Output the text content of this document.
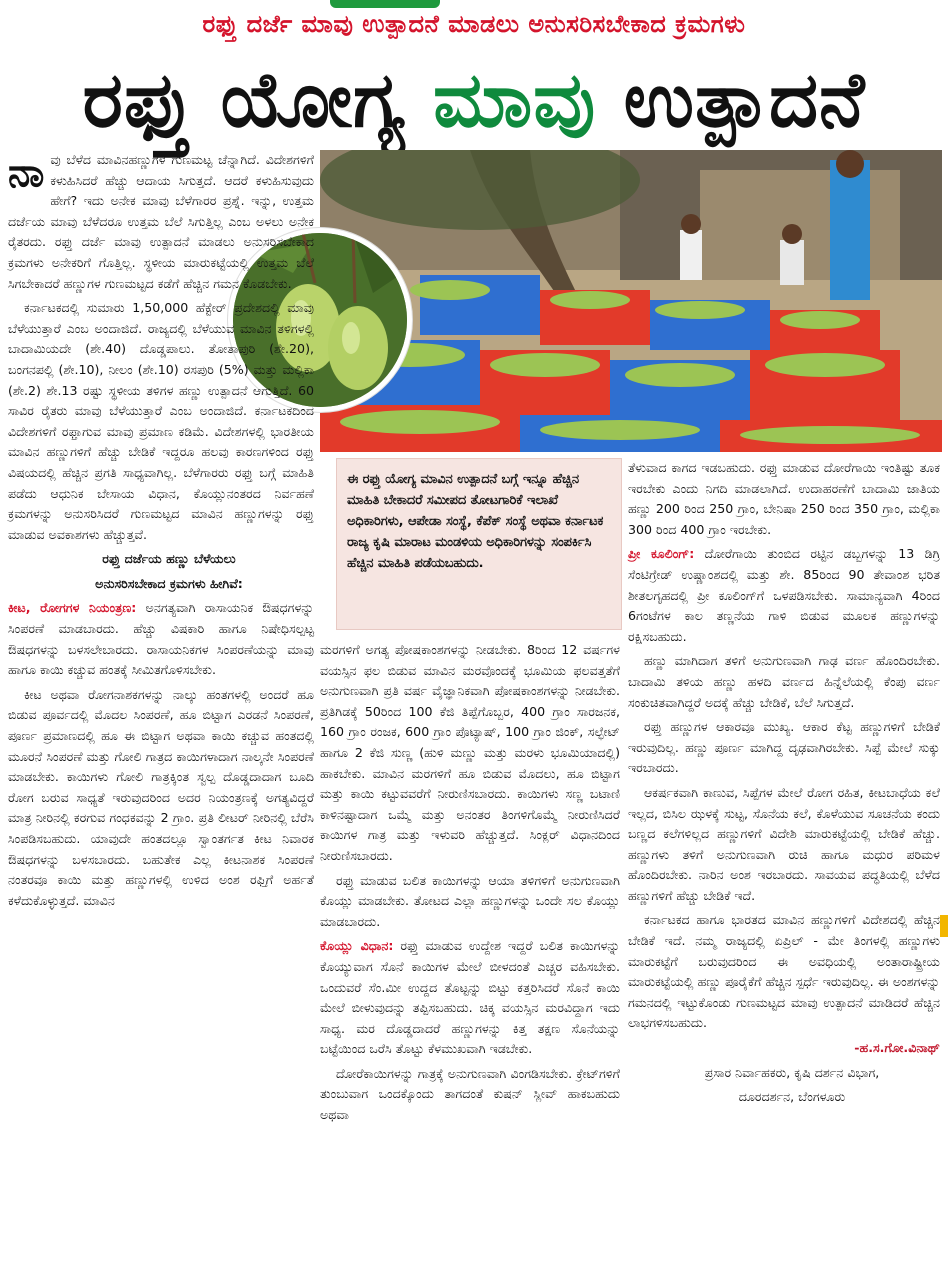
ರಫ್ತು ದರ್ಜೆ ಮಾವು ಉತ್ಪಾದನೆ ಮಾಡಲು ಅನುಸರಿಸಬೇಕಾದ ಕ್ರಮಗಳು
ರಫ್ತು ಯೋಗ್ಯ ಮಾವು ಉತ್ಪಾದನೆ

ನಾ ವು ಬೆಳೆದ ಮಾವಿನಹಣ್ಣುಗಳ ಗುಣಮಟ್ಟ ಚೆನ್ನಾಗಿದೆ. ವಿದೇಶಗಳಿಗೆ ಕಳುಹಿಸಿದರೆ ಹೆಚ್ಚು ಆದಾಯ ಸಿಗುತ್ತದೆ. ಆದರೆ ಕಳುಹಿಸುವುದು ಹೇಗೆ? ಇದು ಅನೇಕ ಮಾವು ಬೆಳೆಗಾರರ ಪ್ರಶ್ನೆ. ಇನ್ನು, ಉತ್ತಮ ದರ್ಜೆಯ ಮಾವು ಬೆಳೆದರೂ ಉತ್ತಮ ಬೆಲೆ ಸಿಗುತ್ತಿಲ್ಲ ಎಂಬ ಅಳಲು ಅನೇಕ ರೈತರದು. ರಫ್ತು ದರ್ಜೆ ಮಾವು ಉತ್ಪಾದನೆ ಮಾಡಲು ಅನುಸರಿಸಬೇಕಾದ ಕ್ರಮಗಳು ಅನೇಕರಿಗೆ ಗೊತ್ತಿಲ್ಲ. ಸ್ಥಳೀಯ ಮಾರುಕಟ್ಟೆಯಲ್ಲಿ ಉತ್ತಮ ಬೆಲೆ ಸಿಗಬೇಕಾದರೆ ಹಣ್ಣುಗಳ ಗುಣಮಟ್ಟದ ಕಡೆಗೆ ಹೆಚ್ಚಿನ ಗಮನ ಕೊಡಬೇಕು.

ಕರ್ನಾಟಕದಲ್ಲಿ ಸುಮಾರು 1,50,000 ಹೆಕ್ಟೇರ್ ಪ್ರದೇಶದಲ್ಲಿ ಮಾವು ಬೆಳೆಯುತ್ತಾರೆ ಎಂಬ ಅಂದಾಜಿದೆ. ರಾಜ್ಯದಲ್ಲಿ ಬೆಳೆಯುವ ಮಾವಿನ ತಳಿಗಳಲ್ಲಿ ಬಾದಾಮಿಯದೇ (ಶೇ.40) ದೊಡ್ಡಪಾಲು. ತೋತಾಪುರಿ (ಶೇ.20), ಬಂಗನಪಲ್ಲಿ (ಶೇ.10), ನೀಲಂ (ಶೇ.10) ರಸಪುರಿ (5%) ಮತ್ತು ಮಲ್ಲಿಕಾ (ಶೇ.2) ಶೇ.13 ರಷ್ಟು ಸ್ಥಳೀಯ ತಳಿಗಳ ಹಣ್ಣು ಉತ್ಪಾದನೆ ಆಗುತ್ತಿದೆ. 60 ಸಾವಿರ ರೈತರು ಮಾವು ಬೆಳೆಯುತ್ತಾರೆ ಎಂಬ ಅಂದಾಜಿದೆ. ಕರ್ನಾಟಕದಿಂದ ವಿದೇಶಗಳಿಗೆ ರಫ್ತಾಗುವ ಮಾವು ಪ್ರಮಾಣ ಕಡಿಮೆ. ವಿದೇಶಗಳಲ್ಲಿ ಭಾರತೀಯ ಮಾವಿನ ಹಣ್ಣುಗಳಿಗೆ ಹೆಚ್ಚು ಬೇಡಿಕೆ ಇದ್ದರೂ ಹಲವು ಕಾರಣಗಳಿಂದ ರಫ್ತು ವಿಷಯದಲ್ಲಿ ಹೆಚ್ಚಿನ ಪ್ರಗತಿ ಸಾಧ್ಯವಾಗಿಲ್ಲ. ಬೆಳೆಗಾರರು ರಫ್ತು ಬಗ್ಗೆ ಮಾಹಿತಿ ಪಡೆದು ಆಧುನಿಕ ಬೇಸಾಯ ವಿಧಾನ, ಕೊಯ್ಲುನಂತರದ ನಿರ್ವಹಣೆ ಕ್ರಮಗಳನ್ನು ಅನುಸರಿಸಿದರೆ ಗುಣಮಟ್ಟದ ಮಾವಿನ ಹಣ್ಣುಗಳನ್ನು ರಫ್ತು ಮಾಡುವ ಅವಕಾಶಗಳು ಹೆಚ್ಚುತ್ತವೆ.

ರಫ್ತು ದರ್ಜೆಯ ಹಣ್ಣು ಬೆಳೆಯಲು

ಅನುಸರಿಸಬೇಕಾದ ಕ್ರಮಗಳು ಹೀಗಿವೆ:

ಕೀಟ, ರೋಗಗಳ ನಿಯಂತ್ರಣ: ಅನಗತ್ಯವಾಗಿ ರಾಸಾಯನಿಕ ಔಷಧಗಳನ್ನು ಸಿಂಪರಣೆ ಮಾಡಬಾರದು. ಹೆಚ್ಚು ವಿಷಕಾರಿ ಹಾಗೂ ನಿಷೇಧಿಸಲ್ಪಟ್ಟ ಔಷಧಗಳನ್ನು ಬಳಸಲೇಬಾರದು. ರಾಸಾಯನಿಕಗಳ ಸಿಂಪರಣೆಯನ್ನು ಮಾವು ಹಾಗೂ ಕಾಯಿ ಕಚ್ಚುವ ಹಂತಕ್ಕೆ ಸೀಮಿತಗೊಳಿಸಬೇಕು.

ಕೀಟ ಅಥವಾ ರೋಗನಾಶಕಗಳನ್ನು ನಾಲ್ಕು ಹಂತಗಳಲ್ಲಿ ಅಂದರೆ ಹೂ ಬಿಡುವ ಪೂರ್ವದಲ್ಲಿ ಮೊದಲ ಸಿಂಪರಣೆ, ಹೂ ಬಿಟ್ಟಾಗ ಎರಡನೆ ಸಿಂಪರಣೆ, ಪೂರ್ಣ ಪ್ರಮಾಣದಲ್ಲಿ ಹೂ ಈ ಬಿಟ್ಟಾಗ ಅಥವಾ ಕಾಯಿ ಕಚ್ಚುವ ಹಂತದಲ್ಲಿ ಮೂರನೆ ಸಿಂಪರಣೆ ಮತ್ತು ಗೋಲಿ ಗಾತ್ರದ ಕಾಯಿಗಳಾದಾಗ ನಾಲ್ಕನೇ ಸಿಂಪರಣೆ ಮಾಡಬೇಕು. ಕಾಯಿಗಳು ಗೋಲಿ ಗಾತ್ರಕ್ಕಿಂತ ಸ್ವಲ್ಪ ದೊಡ್ಡದಾದಾಗ ಬೂದಿ ರೋಗ ಬರುವ ಸಾಧ್ಯತೆ ಇರುವುದರಿಂದ ಅದರ ನಿಯಂತ್ರಣಕ್ಕೆ ಅಗತ್ಯವಿದ್ದರೆ ಮಾತ್ರ ನೀರಿನಲ್ಲಿ ಕರಗುವ ಗಂಧಕವನ್ನು 2 ಗ್ರಾಂ. ಪ್ರತಿ ಲೀಟರ್ ನೀರಿನಲ್ಲಿ ಬೆರೆಸಿ ಸಿಂಪಡಿಸಬಹುದು. ಯಾವುದೇ ಹಂತದಲ್ಲೂ ಸ್ವಾಂತರ್ಗತ ಕೀಟ ನಿವಾರಕ ಔಷಧಗಳನ್ನು ಬಳಸಬಾರದು. ಬಹುತೇಕ ಎಲ್ಲ ಕೀಟನಾಶಕ ಸಿಂಪರಣೆ ನಂತರವೂ ಕಾಯಿ ಮತ್ತು ಹಣ್ಣುಗಳಲ್ಲಿ ಉಳಿದ ಅಂಶ ರಫ್ತಿಗೆ ಅರ್ಹತೆ ಕಳೆದುಕೊಳ್ಳುತ್ತದೆ. ಮಾವಿನ

ಈ ರಫ್ತು ಯೋಗ್ಯ ಮಾವಿನ ಉತ್ಪಾದನೆ ಬಗ್ಗೆ ಇನ್ನೂ ಹೆಚ್ಚಿನ ಮಾಹಿತಿ ಬೇಕಾದರೆ ಸಮೀಪದ ತೋಟಗಾರಿಕೆ ಇಲಾಖೆ ಅಧಿಕಾರಿಗಳು, ಆಪೇಡಾ ಸಂಸ್ಥೆ, ಕೆಪೆಕ್ ಸಂಸ್ಥೆ ಅಥವಾ ಕರ್ನಾಟಕ ರಾಜ್ಯ ಕೃಷಿ ಮಾರಾಟ ಮಂಡಳಿಯ ಅಧಿಕಾರಿಗಳನ್ನು ಸಂಪರ್ಕಿಸಿ ಹೆಚ್ಚಿನ ಮಾಹಿತಿ ಪಡೆಯಬಹುದು.

ಮರಗಳಿಗೆ ಅಗತ್ಯ ಪೋಷಕಾಂಶಗಳನ್ನು ನೀಡಬೇಕು. 8ರಿಂದ 12 ವರ್ಷಗಳ ವಯಸ್ಸಿನ ಫಲ ಬಿಡುವ ಮಾವಿನ ಮರವೊಂದಕ್ಕೆ ಭೂಮಿಯ ಫಲವತ್ತತೆಗೆ ಅನುಗುಣವಾಗಿ ಪ್ರತಿ ವರ್ಷ ವೈಜ್ಞಾನಿಕವಾಗಿ ಪೋಷಕಾಂಶಗಳನ್ನು ನೀಡಬೇಕು. ಪ್ರತಿಗಿಡಕ್ಕೆ 50ರಿಂದ 100 ಕೆಜಿ ತಿಪ್ಪೆಗೊಬ್ಬರ, 400 ಗ್ರಾಂ ಸಾರಜನಕ, 160 ಗ್ರಾಂ ರಂಜಕ, 600 ಗ್ರಾಂ ಪೊಟ್ಯಾಷ್, 100 ಗ್ರಾಂ ಜಿಂಕ್, ಸಲ್ಫೇಟ್ ಹಾಗೂ 2 ಕೆಜಿ ಸುಣ್ಣ (ಹುಳಿ ಮಣ್ಣು ಮತ್ತು ಮರಳು ಭೂಮಿಯಾದಲ್ಲಿ) ಹಾಕಬೇಕು. ಮಾವಿನ ಮರಗಳಿಗೆ ಹೂ ಬಿಡುವ ಮೊದಲು, ಹೂ ಬಿಟ್ಟಾಗ ಮತ್ತು ಕಾಯಿ ಕಟ್ಟುವವರೆಗೆ ನೀರುಣಿಸಬಾರದು. ಕಾಯಿಗಳು ಸಣ್ಣ ಬಟಾಣಿ ಕಾಳಿನಷ್ಟಾದಾಗ ಒಮ್ಮೆ ಮತ್ತು ಅನಂತರ ತಿಂಗಳಿಗೊಮ್ಮೆ ನೀರುಣಿಸಿದರೆ ಕಾಯಿಗಳ ಗಾತ್ರ ಮತ್ತು ಇಳುವರಿ ಹೆಚ್ಚುತ್ತದೆ. ಸಿಂಕ್ಲರ್ ವಿಧಾನದಿಂದ ನೀರುಣಿಸಬಾರದು.

ರಫ್ತು ಮಾಡುವ ಬಲಿತ ಕಾಯಿಗಳನ್ನು ಆಯಾ ತಳಿಗಳಿಗೆ ಅನುಗುಣವಾಗಿ ಕೊಯ್ಲು ಮಾಡಬೇಕು. ತೋಟದ ಎಲ್ಲಾ ಹಣ್ಣುಗಳನ್ನು ಒಂದೇ ಸಲ ಕೊಯ್ಲು ಮಾಡಬಾರದು.

ಕೊಯ್ಲು ವಿಧಾನ: ರಫ್ತು ಮಾಡುವ ಉದ್ದೇಶ ಇದ್ದರೆ ಬಲಿತ ಕಾಯಿಗಳನ್ನು ಕೊಯ್ಯುವಾಗ ಸೊನೆ ಕಾಯಿಗಳ ಮೇಲೆ ಬೀಳದಂತೆ ಎಚ್ಚರ ವಹಿಸಬೇಕು. ಒಂದುವರೆ ಸೆಂ.ಮೀ ಉದ್ದದ ತೊಟ್ಟನ್ನು ಬಿಟ್ಟು ಕತ್ತರಿಸಿದರೆ ಸೊನೆ ಕಾಯಿ ಮೇಲೆ ಬೀಳುವುದನ್ನು ತಪ್ಪಿಸಬಹುದು. ಚಿಕ್ಕ ವಯಸ್ಸಿನ ಮರವಿದ್ದಾಗ ಇದು ಸಾಧ್ಯ. ಮರ ದೊಡ್ಡದಾದರೆ ಹಣ್ಣುಗಳನ್ನು ಕಿತ್ತ ತಕ್ಷಣ ಸೊನೆಯನ್ನು ಬಟ್ಟೆಯಿಂದ ಒರೆಸಿ ತೊಟ್ಟು ಕೆಳಮುಖವಾಗಿ ಇಡಬೇಕು.

ದೋರೆಕಾಯಿಗಳನ್ನು ಗಾತ್ರಕ್ಕೆ ಅನುಗುಣವಾಗಿ ವಿಂಗಡಿಸಬೇಕು. ಕ್ರೇಟ್‌ಗಳಿಗೆ ತುಂಬುವಾಗ ಒಂದಕ್ಕೊಂದು ತಾಗದಂತೆ ಕುಷನ್ ಸ್ಲೀವ್ ಹಾಕಬಹುದು ಅಥವಾ

ತೆಳುವಾದ ಕಾಗದ ಇಡಬಹುದು. ರಫ್ತು ಮಾಡುವ ದೋರೆಗಾಯಿ ಇಂತಿಷ್ಟು ತೂಕ ಇರಬೇಕು ಎಂದು ನಿಗದಿ ಮಾಡಲಾಗಿದೆ. ಉದಾಹರಣೆಗೆ ಬಾದಾಮಿ ಜಾತಿಯ ಹಣ್ಣು 200 ರಿಂದ 250 ಗ್ರಾಂ, ಬೇನಿಷಾ 250 ರಿಂದ 350 ಗ್ರಾಂ, ಮಲ್ಲಿಕಾ 300 ರಿಂದ 400 ಗ್ರಾಂ ಇರಬೇಕು.

ಪ್ರೀ ಕೂಲಿಂಗ್: ದೋರೆಗಾಯಿ ತುಂಬಿದ ರಟ್ಟಿನ ಡಬ್ಬಗಳನ್ನು 13 ಡಿಗ್ರಿ ಸೆಂಟಿಗ್ರೇಡ್ ಉಷ್ಣಾಂಶದಲ್ಲಿ ಮತ್ತು ಶೇ. 85ರಿಂದ 90 ತೇವಾಂಶ ಭರಿತ ಶೀತಲಗೃಹದಲ್ಲಿ ಪ್ರೀ ಕೂಲಿಂಗ್‌ಗೆ ಒಳಪಡಿಸಬೇಕು. ಸಾಮಾನ್ಯವಾಗಿ 4ರಿಂದ 6ಗಂಟೆಗಳ ಕಾಲ ತಣ್ಣನೆಯ ಗಾಳಿ ಬಿಡುವ ಮೂಲಕ ಹಣ್ಣುಗಳನ್ನು ರಕ್ಷಿಸಬಹುದು.

ಹಣ್ಣು ಮಾಗಿದಾಗ ತಳಿಗೆ ಅನುಗುಣವಾಗಿ ಗಾಢ ವರ್ಣ ಹೊಂದಿರಬೇಕು. ಬಾದಾಮಿ ತಳಿಯ ಹಣ್ಣು ಹಳದಿ ವರ್ಣದ ಹಿನ್ನೆಲೆಯಲ್ಲಿ ಕೆಂಪು ವರ್ಣ ಸಂಕುಚಿತವಾಗಿದ್ದರೆ ಅದಕ್ಕೆ ಹೆಚ್ಚು ಬೇಡಿಕೆ, ಬೆಲೆ ಸಿಗುತ್ತದೆ.

ರಫ್ತು ಹಣ್ಣುಗಳ ಆಕಾರವೂ ಮುಖ್ಯ. ಆಕಾರ ಕೆಟ್ಟ ಹಣ್ಣುಗಳಿಗೆ ಬೇಡಿಕೆ ಇರುವುದಿಲ್ಲ. ಹಣ್ಣು ಪೂರ್ಣ ಮಾಗಿದ್ದ ದೃಢವಾಗಿರಬೇಕು. ಸಿಪ್ಪೆ ಮೇಲೆ ಸುಕ್ಕು ಇರಬಾರದು.

ಆಕರ್ಷಕವಾಗಿ ಕಾಣುವ, ಸಿಪ್ಪೆಗಳ ಮೇಲೆ ರೋಗ ರಹಿತ, ಕೀಟಬಾಧೆಯ ಕಲೆ ಇಲ್ಲದ, ಬಿಸಿಲ ಝಳಕ್ಕೆ ಸುಟ್ಟ, ಸೊನೆಯ ಕಲೆ, ಕೊಳೆಯುವ ಸೂಚನೆಯ ಕಂದು ಬಣ್ಣದ ಕಲೆಗಳಿಲ್ಲದ ಹಣ್ಣುಗಳಿಗೆ ವಿದೇಶಿ ಮಾರುಕಟ್ಟೆಯಲ್ಲಿ ಬೇಡಿಕೆ ಹೆಚ್ಚು. ಹಣ್ಣುಗಳು ತಳಿಗೆ ಅನುಗುಣವಾಗಿ ರುಚಿ ಹಾಗೂ ಮಧುರ ಪರಿಮಳ ಹೊಂದಿರಬೇಕು. ನಾರಿನ ಅಂಶ ಇರಬಾರದು. ಸಾವಯವ ಪದ್ಧತಿಯಲ್ಲಿ ಬೆಳೆದ ಹಣ್ಣುಗಳಿಗೆ ಹೆಚ್ಚು ಬೇಡಿಕೆ ಇದೆ.

ಕರ್ನಾಟಕದ ಹಾಗೂ ಭಾರತದ ಮಾವಿನ ಹಣ್ಣುಗಳಿಗೆ ವಿದೇಶದಲ್ಲಿ ಹೆಚ್ಚಿನ ಬೇಡಿಕೆ ಇದೆ. ನಮ್ಮ ರಾಜ್ಯದಲ್ಲಿ ಏಪ್ರಿಲ್ - ಮೇ ತಿಂಗಳಲ್ಲಿ ಹಣ್ಣುಗಳು ಮಾರುಕಟ್ಟೆಗೆ ಬರುವುದರಿಂದ ಈ ಅವಧಿಯಲ್ಲಿ ಅಂತಾರಾಷ್ಟ್ರೀಯ ಮಾರುಕಟ್ಟೆಯಲ್ಲಿ ಹಣ್ಣು ಪೂರೈಕೆಗೆ ಹೆಚ್ಚಿನ ಸ್ಪರ್ಧೆ ಇರುವುದಿಲ್ಲ. ಈ ಅಂಶಗಳನ್ನು ಗಮನದಲ್ಲಿ ಇಟ್ಟುಕೊಂಡು ಗುಣಮಟ್ಟದ ಮಾವು ಉತ್ಪಾದನೆ ಮಾಡಿದರೆ ಹೆಚ್ಚಿನ ಲಾಭಗಳಿಸಬಹುದು.

-ಹ.ಸ.ಗೋ.ವಿನಾಥ್

ಪ್ರಸಾರ ನಿರ್ವಾಹಕರು, ಕೃಷಿ ದರ್ಶನ ವಿಭಾಗ,

ದೂರದರ್ಶನ, ಬೆಂಗಳೂರು
